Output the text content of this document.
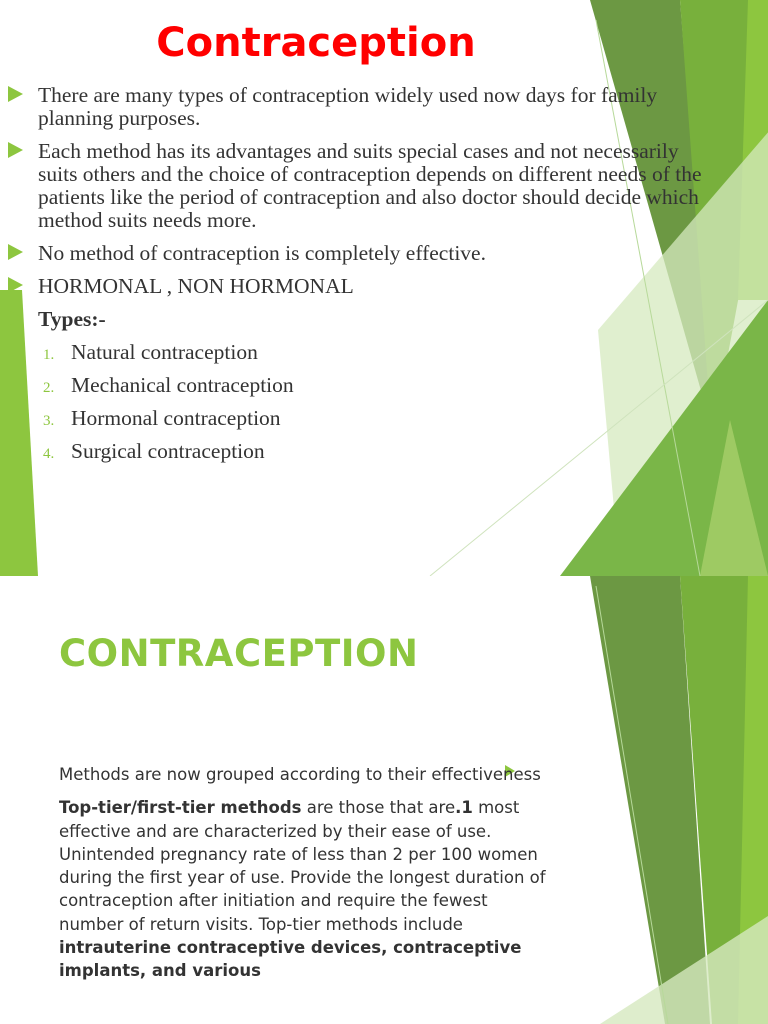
Contraception
There are many types of contraception widely used now days for family planning purposes.
Each method has its advantages and suits special cases and not necessarily suits others and the choice of contraception depends on different needs of the patients like the period of contraception and also doctor should decide which method suits needs more.
No method of contraception is completely effective.
HORMONAL , NON HORMONAL
Types:-
1. Natural contraception
2. Mechanical contraception
3. Hormonal contraception
4. Surgical contraception
CONTRACEPTION

Methods are now grouped according to their effectiveness

Top-tier/first-tier methods are those that are.1 most effective and are characterized by their ease of use. Unintended pregnancy rate of less than 2 per 100 women during the first year of use. Provide the longest duration of contraception after initiation and require the fewest number of return visits. Top-tier methods include intrauterine contraceptive devices, contraceptive implants, and various
